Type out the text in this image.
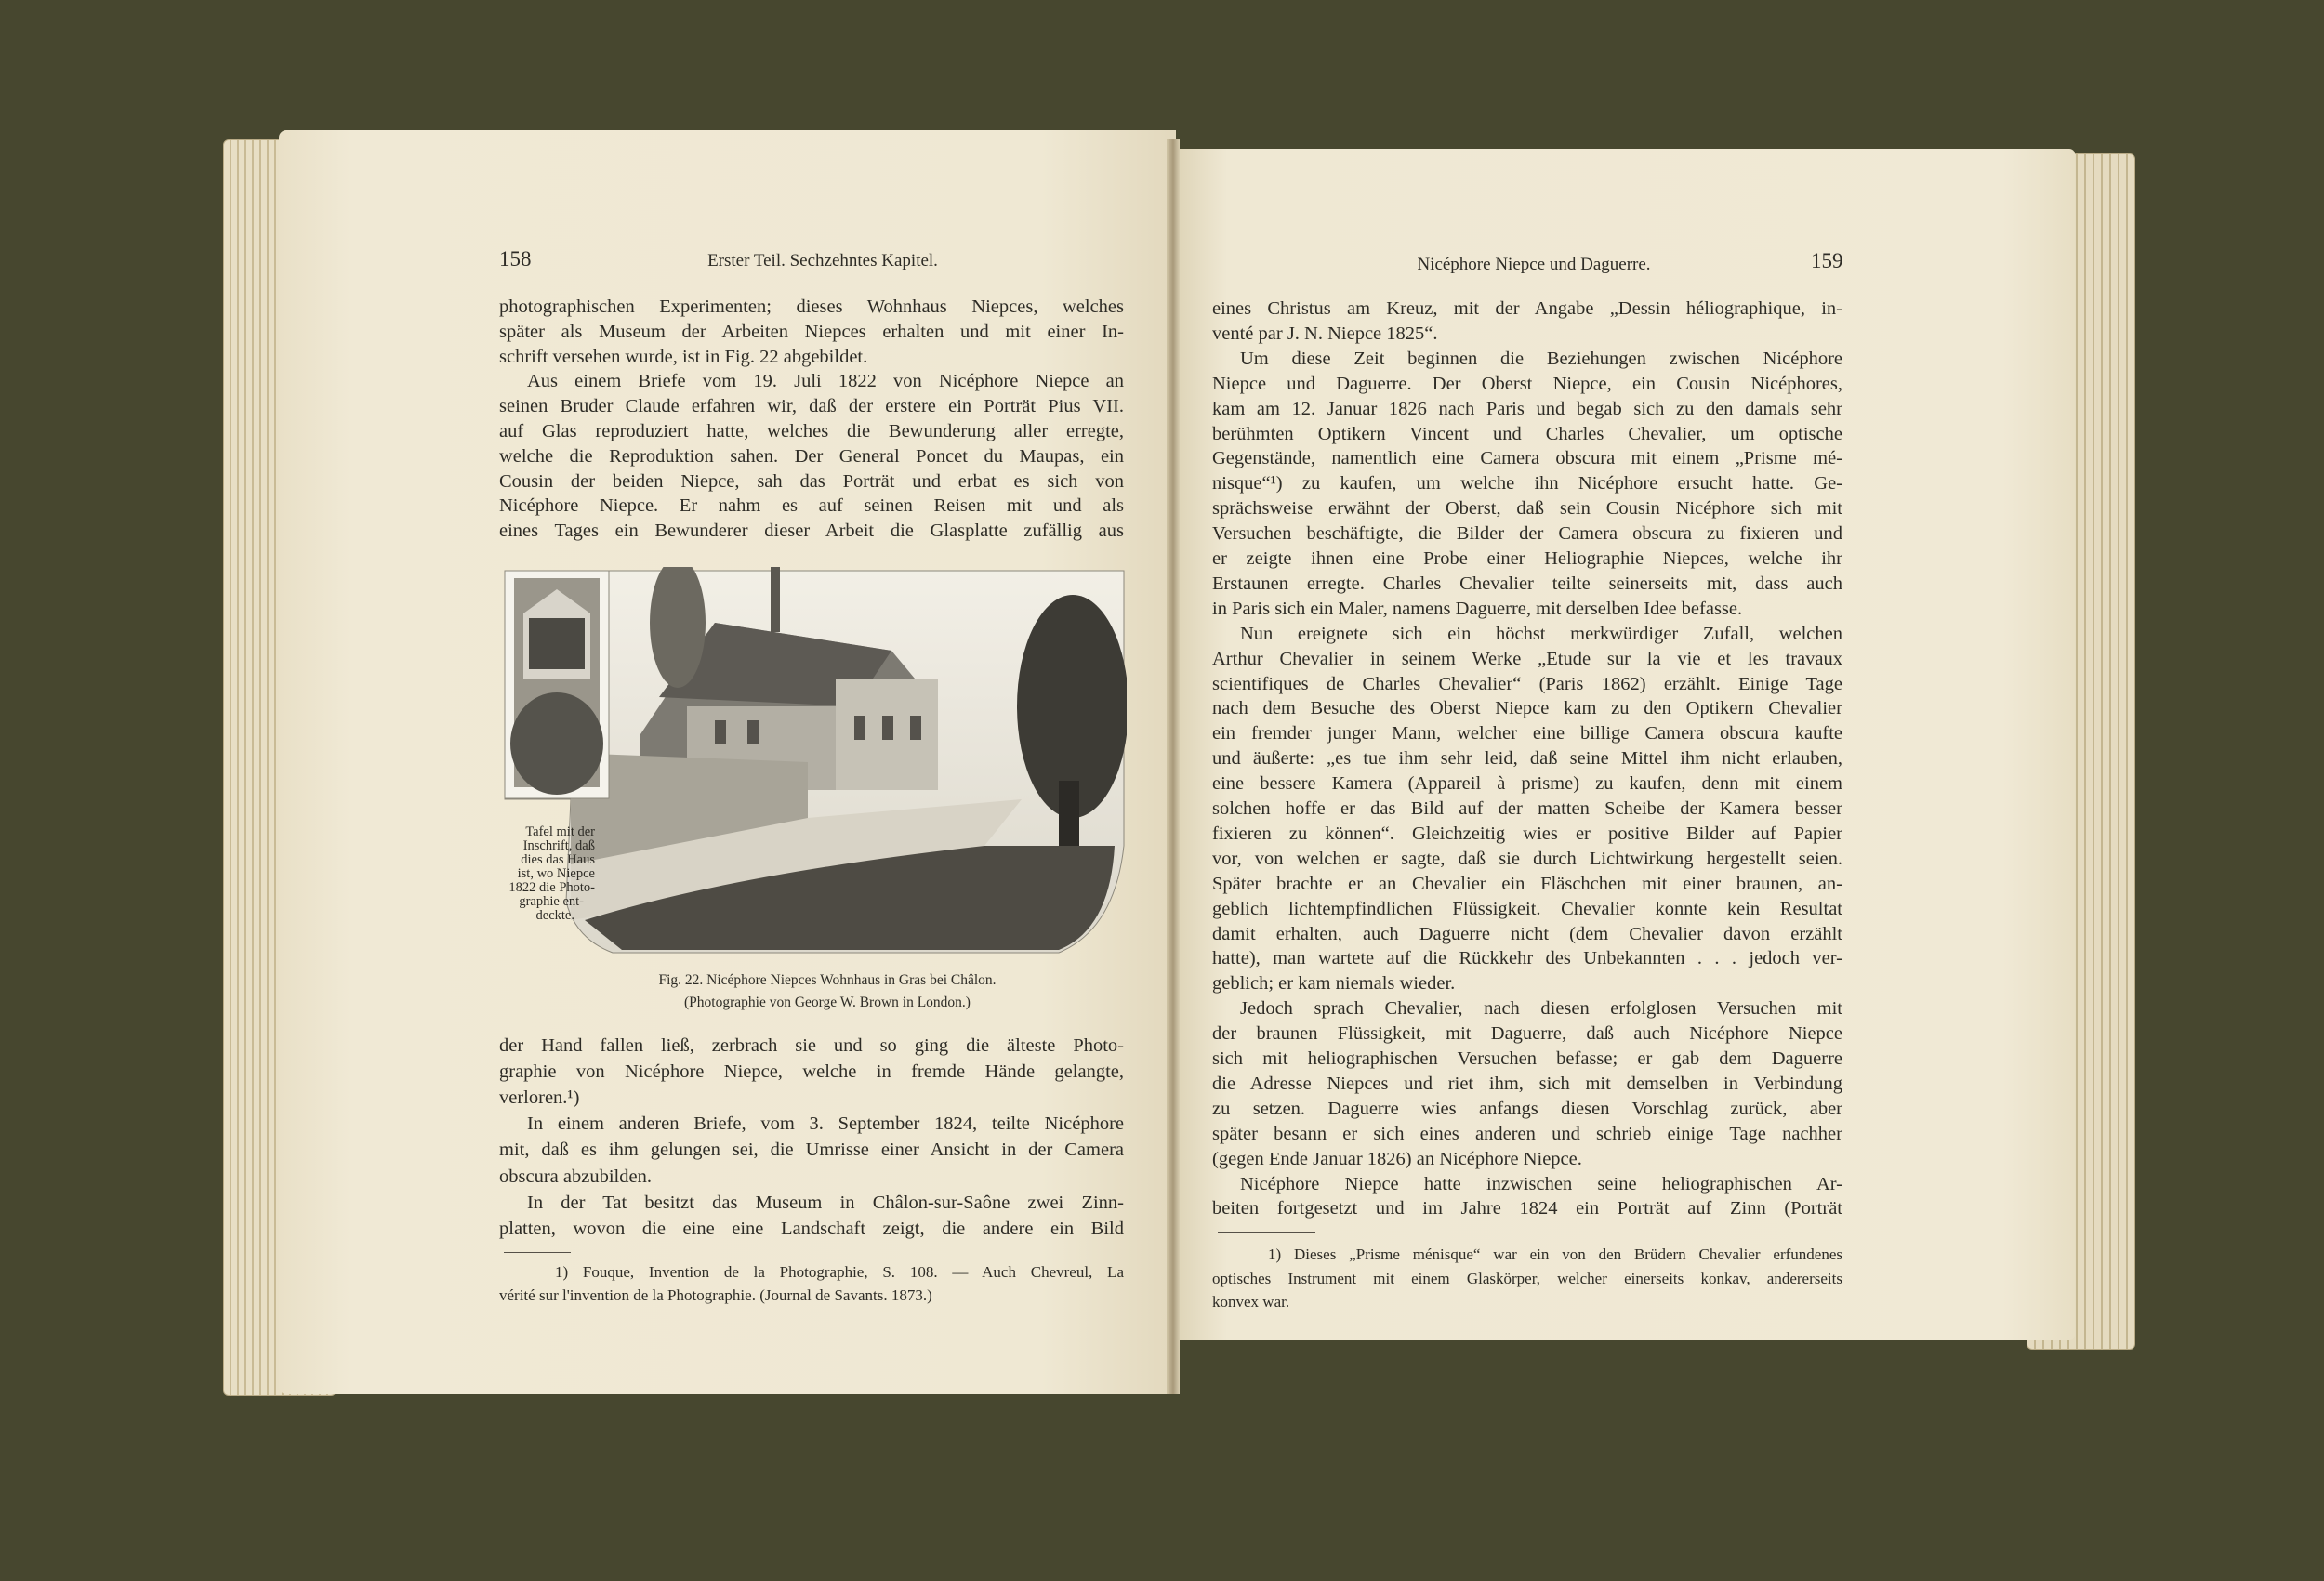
158	Erster Teil. Sechzehntes Kapitel.	Nicéphore Niepce und Daguerre.	159
photographischen Experimenten; dieses Wohnhaus Niepces, welches
später als Museum der Arbeiten Niepces erhalten und mit einer In-
schrift versehen wurde, ist in Fig. 22 abgebildet.
Aus einem Briefe vom 19. Juli 1822 von Nicéphore Niepce an
seinen Bruder Claude erfahren wir, daß der erstere ein Porträt Pius VII.
auf Glas reproduziert hatte, welches die Bewunderung aller erregte,
welche die Reproduktion sahen. Der General Poncet du Maupas, ein
Cousin der beiden Niepce, sah das Porträt und erbat es sich von
Nicéphore Niepce. Er nahm es auf seinen Reisen mit und als
eines Tages ein Bewunderer dieser Arbeit die Glasplatte zufällig aus
der Hand fallen ließ, zerbrach sie und so ging die älteste Photo-
graphie von Nicéphore Niepce, welche in fremde Hände gelangte,
verloren.¹)
In einem anderen Briefe, vom 3. September 1824, teilte Nicéphore
mit, daß es ihm gelungen sei, die Umrisse einer Ansicht in der Camera
obscura abzubilden.
In der Tat besitzt das Museum in Châlon-sur-Saône zwei Zinn-
platten, wovon die eine eine Landschaft zeigt, die andere ein Bild
eines Christus am Kreuz, mit der Angabe „Dessin héliographique, in-
venté par J. N. Niepce 1825“.
Um diese Zeit beginnen die Beziehungen zwischen Nicéphore
Niepce und Daguerre. Der Oberst Niepce, ein Cousin Nicéphores,
kam am 12. Januar 1826 nach Paris und begab sich zu den damals sehr
berühmten Optikern Vincent und Charles Chevalier, um optische
Gegenstände, namentlich eine Camera obscura mit einem „Prisme mé-
nisque“¹) zu kaufen, um welche ihn Nicéphore ersucht hatte. Ge-
sprächsweise erwähnt der Oberst, daß sein Cousin Nicéphore sich mit
Versuchen beschäftigte, die Bilder der Camera obscura zu fixieren und
er zeigte ihnen eine Probe einer Heliographie Niepces, welche ihr
Erstaunen erregte. Charles Chevalier teilte seinerseits mit, dass auch
in Paris sich ein Maler, namens Daguerre, mit derselben Idee befasse.
Nun ereignete sich ein höchst merkwürdiger Zufall, welchen
Arthur Chevalier in seinem Werke „Etude sur la vie et les travaux
scientifiques de Charles Chevalier“ (Paris 1862) erzählt. Einige Tage
nach dem Besuche des Oberst Niepce kam zu den Optikern Chevalier
ein fremder junger Mann, welcher eine billige Camera obscura kaufte
und äußerte: „es tue ihm sehr leid, daß seine Mittel ihm nicht erlauben,
eine bessere Kamera (Appareil à prisme) zu kaufen, denn mit einem
solchen hoffe er das Bild auf der matten Scheibe der Kamera besser
fixieren zu können“. Gleichzeitig wies er positive Bilder auf Papier
vor, von welchen er sagte, daß sie durch Lichtwirkung hergestellt seien.
Später brachte er an Chevalier ein Fläschchen mit einer braunen, an-
geblich lichtempfindlichen Flüssigkeit. Chevalier konnte kein Resultat
damit erhalten, auch Daguerre nicht (dem Chevalier davon erzählt
hatte), man wartete auf die Rückkehr des Unbekannten . . . jedoch ver-
geblich; er kam niemals wieder.
Jedoch sprach Chevalier, nach diesen erfolglosen Versuchen mit
der braunen Flüssigkeit, mit Daguerre, daß auch Nicéphore Niepce
sich mit heliographischen Versuchen befasse; er gab dem Daguerre
die Adresse Niepces und riet ihm, sich mit demselben in Verbindung
zu setzen. Daguerre wies anfangs diesen Vorschlag zurück, aber
später besann er sich eines anderen und schrieb einige Tage nachher
(gegen Ende Januar 1826) an Nicéphore Niepce.
Nicéphore Niepce hatte inzwischen seine heliographischen Ar-
beiten fortgesetzt und im Jahre 1824 ein Porträt auf Zinn (Porträt
1) Fouque, Invention de la Photographie, S. 108. — Auch Chevreul, La
vérité sur l'invention de la Photographie. (Journal de Savants. 1873.)
1) Dieses „Prisme ménisque“ war ein von den Brüdern Chevalier erfundenes
optisches Instrument mit einem Glaskörper, welcher einerseits konkav, andererseits
konvex war.
Tafel mit der
Inschrift, daß
dies das Haus
ist, wo Niepce
1822 die Photo-
graphie ent-
deckte.
Fig. 22. Nicéphore Niepces Wohnhaus in Gras bei Châlon.
(Photographie von George W. Brown in London.)
